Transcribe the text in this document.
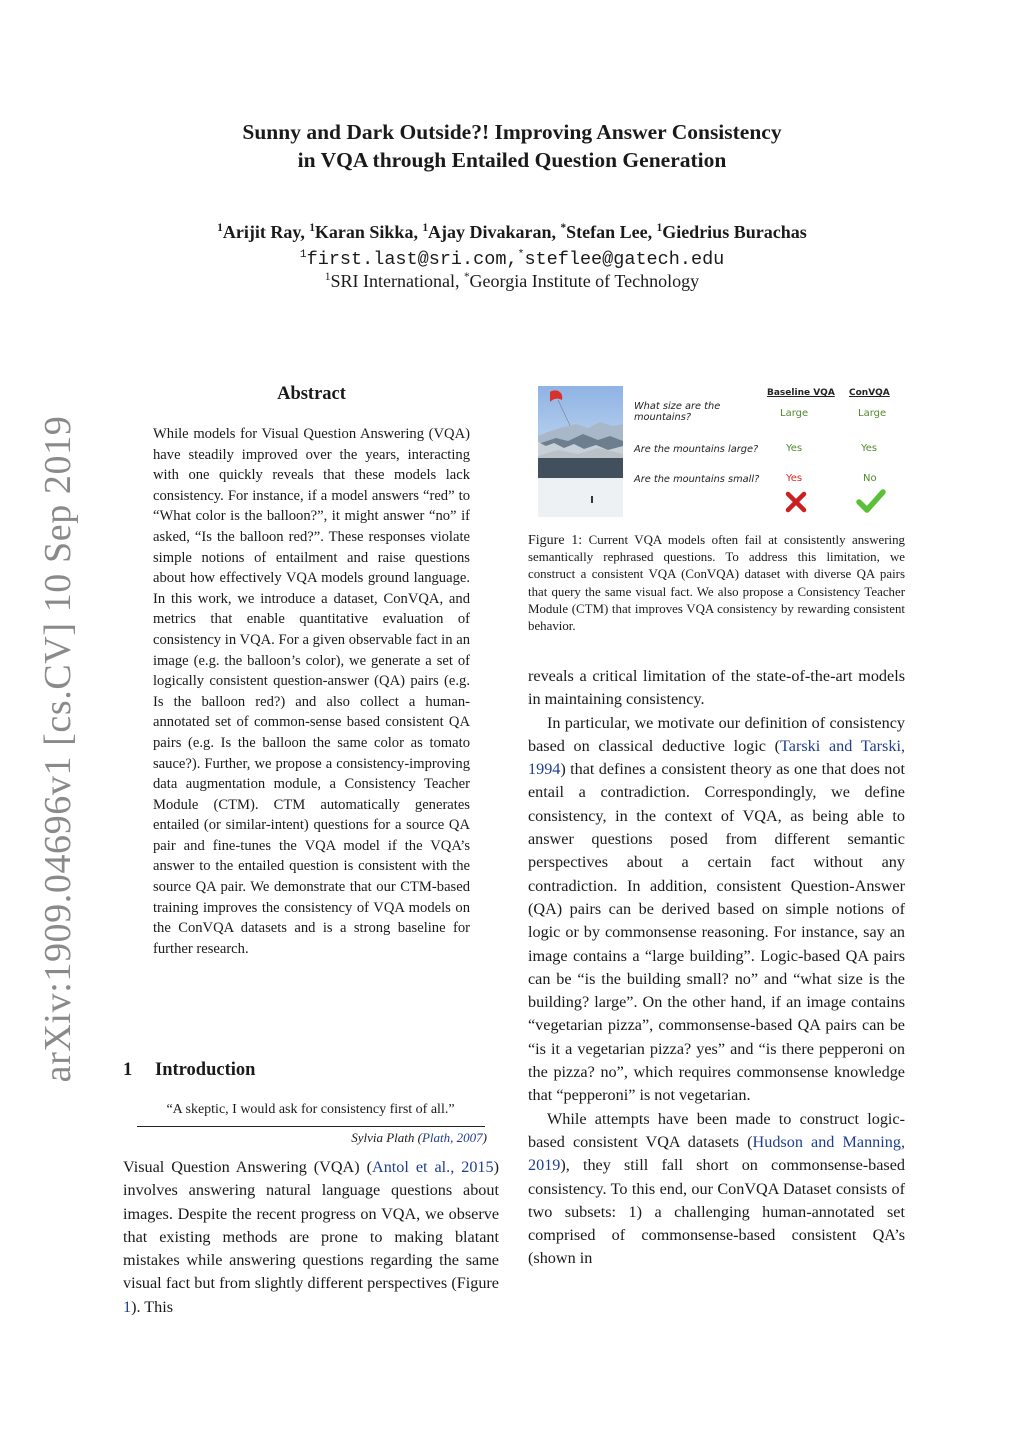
Sunny and Dark Outside?! Improving Answer Consistency
in VQA through Entailed Question Generation
$^1$Arijit Ray, $^1$Karan Sikka, $^1$Ajay Divakaran, *Stefan Lee, $^1$Giedrius Burachas
$^1$first.last@sri.com,*steflee@gatech.edu
$^1$SRI International, *Georgia Institute of Technology
arXiv:1909.04696v1 [cs.CV] 10 Sep 2019
Abstract

While models for Visual Question Answering (VQA) have steadily improved over the years, interacting with one quickly reveals that these models lack consistency. For instance, if a model answers “red” to “What color is the balloon?”, it might answer “no” if asked, “Is the balloon red?”. These responses violate simple notions of entailment and raise questions about how effectively VQA models ground language. In this work, we introduce a dataset, ConVQA, and metrics that enable quantitative evaluation of consistency in VQA. For a given observable fact in an image (e.g. the balloon’s color), we generate a set of logically consistent question-answer (QA) pairs (e.g. Is the balloon red?) and also collect a human-annotated set of common-sense based consistent QA pairs (e.g. Is the balloon the same color as tomato sauce?). Further, we propose a consistency-improving data augmentation module, a Consistency Teacher Module (CTM). CTM automatically generates entailed (or similar-intent) questions for a source QA pair and fine-tunes the VQA model if the VQA’s answer to the entailed question is consistent with the source QA pair. We demonstrate that our CTM-based training improves the consistency of VQA models on the ConVQA datasets and is a strong baseline for further research.

1 Introduction
“A skeptic, I would ask for consistency first of all.”
Sylvia Plath (Plath, 2007)
Visual Question Answering (VQA) (Antol et al., 2015) involves answering natural language questions about images. Despite the recent progress on VQA, we observe that existing methods are prone to making blatant mistakes while answering questions regarding the same visual fact but from slightly different perspectives (Figure 1). This
Baseline VQA ConVQA
What size are the mountains?	Large	Large
Are the mountains large?	Yes	Yes
Are the mountains small?	Yes	No
Figure 1: Current VQA models often fail at consistently answering semantically rephrased questions. To address this limitation, we construct a consistent VQA (ConVQA) dataset with diverse QA pairs that query the same visual fact. We also propose a Consistency Teacher Module (CTM) that improves VQA consistency by rewarding consistent behavior.

reveals a critical limitation of the state-of-the-art models in maintaining consistency.

In particular, we motivate our definition of consistency based on classical deductive logic (Tarski and Tarski, 1994) that defines a consistent theory as one that does not entail a contradiction. Correspondingly, we define consistency, in the context of VQA, as being able to answer questions posed from different semantic perspectives about a certain fact without any contradiction. In addition, consistent Question-Answer (QA) pairs can be derived based on simple notions of logic or by commonsense reasoning. For instance, say an image contains a “large building”. Logic-based QA pairs can be “is the building small? no” and “what size is the building? large”. On the other hand, if an image contains “vegetarian pizza”, commonsense-based QA pairs can be “is it a vegetarian pizza? yes” and “is there pepperoni on the pizza? no”, which requires commonsense knowledge that “pepperoni” is not vegetarian.

While attempts have been made to construct logic-based consistent VQA datasets (Hudson and Manning, 2019), they still fall short on commonsense-based consistency. To this end, our ConVQA Dataset consists of two subsets: 1) a challenging human-annotated set comprised of commonsense-based consistent QA’s (shown in
